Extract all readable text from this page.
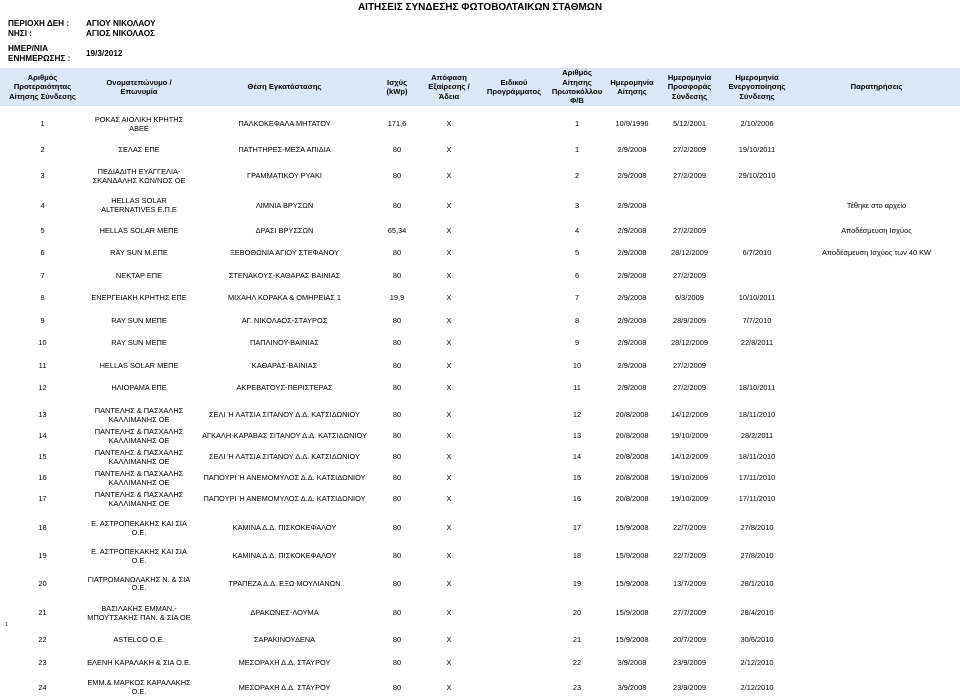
ΑΙΤΗΣΕΙΣ ΣΥΝΔΕΣΗΣ ΦΩΤΟΒΟΛΤΑΙΚΩΝ ΣΤΑΘΜΩΝ
ΠΕΡΙΟΧΗ ΔΕΗ :	ΑΓΙΟΥ ΝΙΚΟΛΑΟΥ
ΝΗΣΙ :	ΑΓΙΟΣ ΝΙΚΟΛΑΟΣ
ΗΜΕΡ/ΝΙΑ
ΕΝΗΜΕΡΩΣΗΣ :
19/3/2012
Αριθμός Προτεραιότητας Αίτησης Σύνδεσης	Ονοματεπώνυμο / Επωνυμία	Θέση Εγκατάστασης	Ισχύς (kWp)	Απόφαση Εξαίρεσης / Άδεια	Ειδικού Προγράμματος	Αριθμός Αίτησης Πρωτοκόλλου Φ/Β	Ημερομηνία Αίτησης	Ημερομηνία Προσφοράς Σύνδεσης	Ημερομηνία Ενεργοποίησης Σύνδεσης	Παρατηρήσεις

1	ΡΟΚΑΣ ΑΙΟΛΙΚΗ ΚΡΗΤΗΣ ΑΒΕΕ	ΠΑΛΚΟΚΕΦΑΛΑ ΜΗΤΑΤΟΥ	171,6	X		1	10/9/1996	5/12/2001	2/10/2006	

2	ΣΕΛΑΣ ΕΠΕ	ΠΑΤΗΤΗΡΕΣ-ΜΕΣΑ ΑΠΙΔΙΑ	80	X		1	2/9/2008	27/2/2009	19/10/2011	

3	ΠΕΔΙΑΔΙΤΗ ΕΥΑΓΓΕΛΙΑ-ΣΚΑΝΔΑΛΗΣ ΚΩΝ/ΝΟΣ ΟΕ	ΓΡΑΜΜΑΤΙΚΟΥ ΡΥΑΚΙ	80	X		2	2/9/2008	27/2/2009	29/10/2010	

4	HELLAS SOLAR ALTERNATIVES Ε.Π.Ε	ΛΙΜΝΙΑ ΒΡΥΣΩΝ	80	X		3	2/9/2008			Τέθηκε στο αρχείο

5	HELLAS SOLAR ΜΕΠΕ	ΔΡΑΣΙ ΒΡΥΣΣΩΝ	65,34	X		4	2/9/2008	27/2/2009		Αποδέσμευση Ισχύος

6	RAY SUN M.ΕΠΕ	ΞΕΒΟΘΩΝΙΑ ΑΓΙΟΥ ΣΤΕΦΑΝΟΥ	80	X		5	2/9/2008	28/12/2009	6/7/2010	Αποδέσμευση Ισχύος των 40 KW

7	ΝΕΚΤΑΡ ΕΠΕ	ΣΤΕΝΑΚΟΥΣ-ΚΑΘΑΡΑΣ ΒΑΙΝΙΑΣ	80	X		6	2/9/2008	27/2/2009		

8	ΕΝΕΡΓΕΙΑΚΗ ΚΡΗΤΗΣ ΕΠΕ	ΜΙΧΑΗΛ ΚΟΡΑΚΑ & ΟΜΗΡΕΙΑΣ 1	19,9	X		7	2/9/2008	6/3/2009	10/10/2011	

9	RAY SUN ΜΕΠΕ	ΑΓ. ΝΙΚΟΛΑΟΣ-ΣΤΑΥΡΟΣ	80	X		8	2/9/2008	28/9/2009	7/7/2010	

10	RAY SUN ΜΕΠΕ	ΠΑΠΛΙΝΟΥ-ΒΑΙΝΙΑΣ	80	X		9	2/9/2008	28/12/2009	22/8/2011	

11	HELLAS SOLAR ΜΕΠΕ	ΚΑΘΑΡΑΣ-ΒΑΙΝΙΑΣ	80	X		10	2/9/2008	27/2/2009		

12	ΗΛΙΟΡΑΜΑ ΕΠΕ	ΑΚΡΕΒΑΤΟΥΣ-ΠΕΡΙΣΤΕΡΑΣ	80	X		11	2/9/2008	27/2/2009	18/10/2011	

13	ΠΑΝΤΕΛΗΣ & ΠΑΣΧΑΛΗΣ ΚΑΛΛΙΜΑΝΗΣ ΟΕ	ΣΕΛΙ Ή ΛΑΤΣΙΑ ΣΙΤΑΝΟΥ Δ.Δ. ΚΑΤΣΙΔΩΝΙΟΥ	80	X		12	20/8/2008	14/12/2009	18/11/2010	
14	ΠΑΝΤΕΛΗΣ & ΠΑΣΧΑΛΗΣ ΚΑΛΛΙΜΑΝΗΣ ΟΕ	ΑΓΚΑΛΗ-ΚΑΡΑΒΑΣ ΣΙΤΑΝΟΥ Δ.Δ. ΚΑΤΣΙΔΩΝΙΟΥ	80	X		13	20/8/2008	19/10/2009	28/2/2011	
15	ΠΑΝΤΕΛΗΣ & ΠΑΣΧΑΛΗΣ ΚΑΛΛΙΜΑΝΗΣ ΟΕ	ΣΕΛΙ Ή ΛΑΤΣΙΑ ΣΙΤΑΝΟΥ Δ.Δ. ΚΑΤΣΙΔΩΝΙΟΥ	80	X		14	20/8/2008	14/12/2009	18/11/2010	
16	ΠΑΝΤΕΛΗΣ & ΠΑΣΧΑΛΗΣ ΚΑΛΛΙΜΑΝΗΣ ΟΕ	ΠΑΠΟΥΡΙ Ή ΑΝΕΜΟΜΥΛΟΣ Δ.Δ. ΚΑΤΣΙΔΩΝΙΟΥ	80	X		15	20/8/2008	19/10/2009	17/11/2010	
17	ΠΑΝΤΕΛΗΣ & ΠΑΣΧΑΛΗΣ ΚΑΛΛΙΜΑΝΗΣ ΟΕ	ΠΑΠΟΥΡΙ Ή ΑΝΕΜΟΜΥΛΟΣ Δ.Δ. ΚΑΤΣΙΔΩΝΙΟΥ	80	X		16	20/8/2008	19/10/2009	17/11/2010	

18	Ε. ΑΣΤΡΟΠΕΚΑΚΗΣ ΚΑΙ ΣΙΑ Ο.Ε.	ΚΑΜΙΝΑ Δ.Δ. ΠΙΣΚΟΚΕΦΑΛΟΥ	80	X		17	15/9/2008	22/7/2009	27/8/2010	

19	Ε. ΑΣΤΡΟΠΕΚΑΚΗΣ ΚΑΙ ΣΙΑ Ο.Ε.	ΚΑΜΙΝΑ Δ.Δ. ΠΙΣΚΟΚΕΦΑΛΟΥ	80	X		18	15/9/2008	22/7/2009	27/8/2010	

20	ΓΙΑΤΡΟΜΑΝΩΛΑΚΗΣ Ν. & ΣΙΑ Ο.Ε.	ΤΡΑΠΕΖΑ Δ.Δ. ΕΞΩ ΜΟΥΛΙΑΝΩΝ	80	X		19	15/9/2008	13/7/2009	28/1/2010	

21	ΒΑΣΙΛΑΚΗΣ ΕΜΜΑΝ.-ΜΠΟΥΤΣΑΚΗΣ ΠΑΝ. & ΣΙΑ ΟΕ	ΔΡΑΚΩΝΕΣ-ΛΟΥΜΑ	80	X		20	15/9/2008	27/7/2009	28/4/2010	

22	ASTELCO O.E.	ΣΑΡΑΚΙΝΟΥΔΕΝΑ	80	X		21	15/9/2008	20/7/2009	30/6/2010	

23	ΕΛΕΝΗ ΚΑΡΑΛΑΚΗ & ΣΙΑ Ο.Ε.	ΜΕΣΟΡΑΧΗ Δ.Δ. ΣΤΑΥΡΟΥ	80	X		22	3/9/2008	23/9/2009	2/12/2010	

24	ΕΜΜ.& ΜΑΡΚΟΣ ΚΑΡΑΛΑΚΗΣ Ο.Ε.	ΜΕΣΟΡΑΧΗ Δ.Δ. ΣΤΑΥΡΟΥ	80	X		23	3/9/2008	23/9/2009	2/12/2010	
1
